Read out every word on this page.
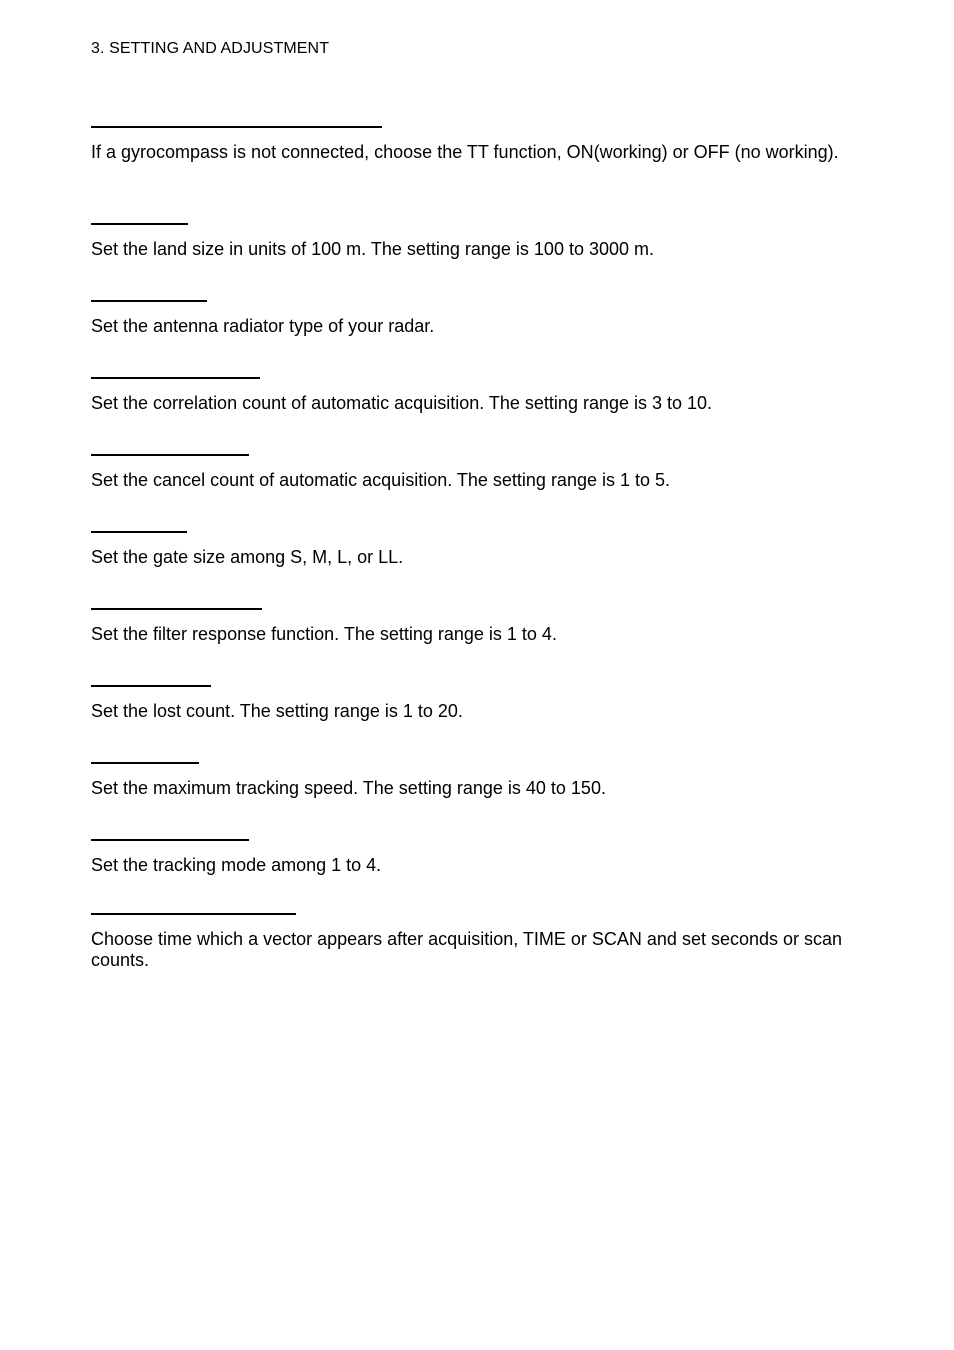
3. SETTING AND ADJUSTMENT

If a gyrocompass is not connected, choose the TT function, ON(working) or OFF (no working).

Set the land size in units of 100 m. The setting range is 100 to 3000 m.

Set the antenna radiator type of your radar.

Set the correlation count of automatic acquisition. The setting range is 3 to 10.

Set the cancel count of automatic acquisition. The setting range is 1 to 5.

Set the gate size among S, M, L, or LL.

Set the filter response function. The setting range is 1 to 4.

Set the lost count. The setting range is 1 to 20.

Set the maximum tracking speed. The setting range is 40 to 150.

Set the tracking mode among 1 to 4.

Choose time which a vector appears after acquisition, TIME or SCAN and set seconds or scan counts.
